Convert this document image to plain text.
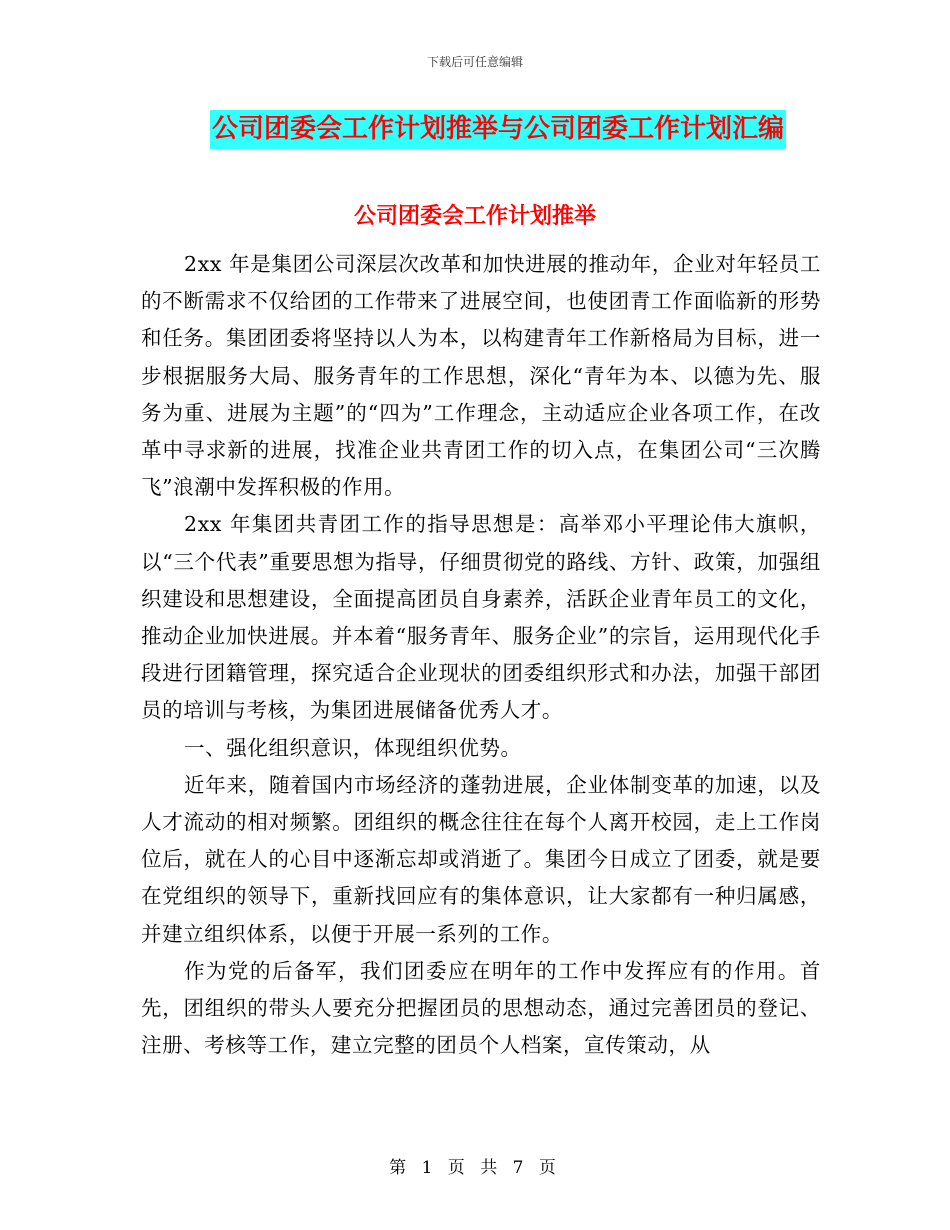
下载后可任意编辑
公司团委会工作计划推举与公司团委工作计划汇编
公司团委会工作计划推举

2xx 年是集团公司深层次改革和加快进展的推动年，企业对年轻员工的不断需求不仅给团的工作带来了进展空间，也使团青工作面临新的形势和任务。集团团委将坚持以人为本，以构建青年工作新格局为目标，进一步根据服务大局、服务青年的工作思想，深化“青年为本、以德为先、服务为重、进展为主题”的“四为”工作理念，主动适应企业各项工作，在改革中寻求新的进展，找准企业共青团工作的切入点，在集团公司“三次腾飞”浪潮中发挥积极的作用。

2xx 年集团共青团工作的指导思想是：高举邓小平理论伟大旗帜，以“三个代表”重要思想为指导，仔细贯彻党的路线、方针、政策，加强组织建设和思想建设，全面提高团员自身素养，活跃企业青年员工的文化，推动企业加快进展。并本着“服务青年、服务企业”的宗旨，运用现代化手段进行团籍管理，探究适合企业现状的团委组织形式和办法，加强干部团员的培训与考核，为集团进展储备优秀人才。

一、强化组织意识，体现组织优势。

近年来，随着国内市场经济的蓬勃进展，企业体制变革的加速，以及人才流动的相对频繁。团组织的概念往往在每个人离开校园，走上工作岗位后，就在人的心目中逐渐忘却或消逝了。集团今日成立了团委，就是要在党组织的领导下，重新找回应有的集体意识，让大家都有一种归属感，并建立组织体系，以便于开展一系列的工作。

作为党的后备军，我们团委应在明年的工作中发挥应有的作用。首先，团组织的带头人要充分把握团员的思想动态，通过完善团员的登记、注册、考核等工作，建立完整的团员个人档案，宣传策动，从

第 1 页 共 7 页
